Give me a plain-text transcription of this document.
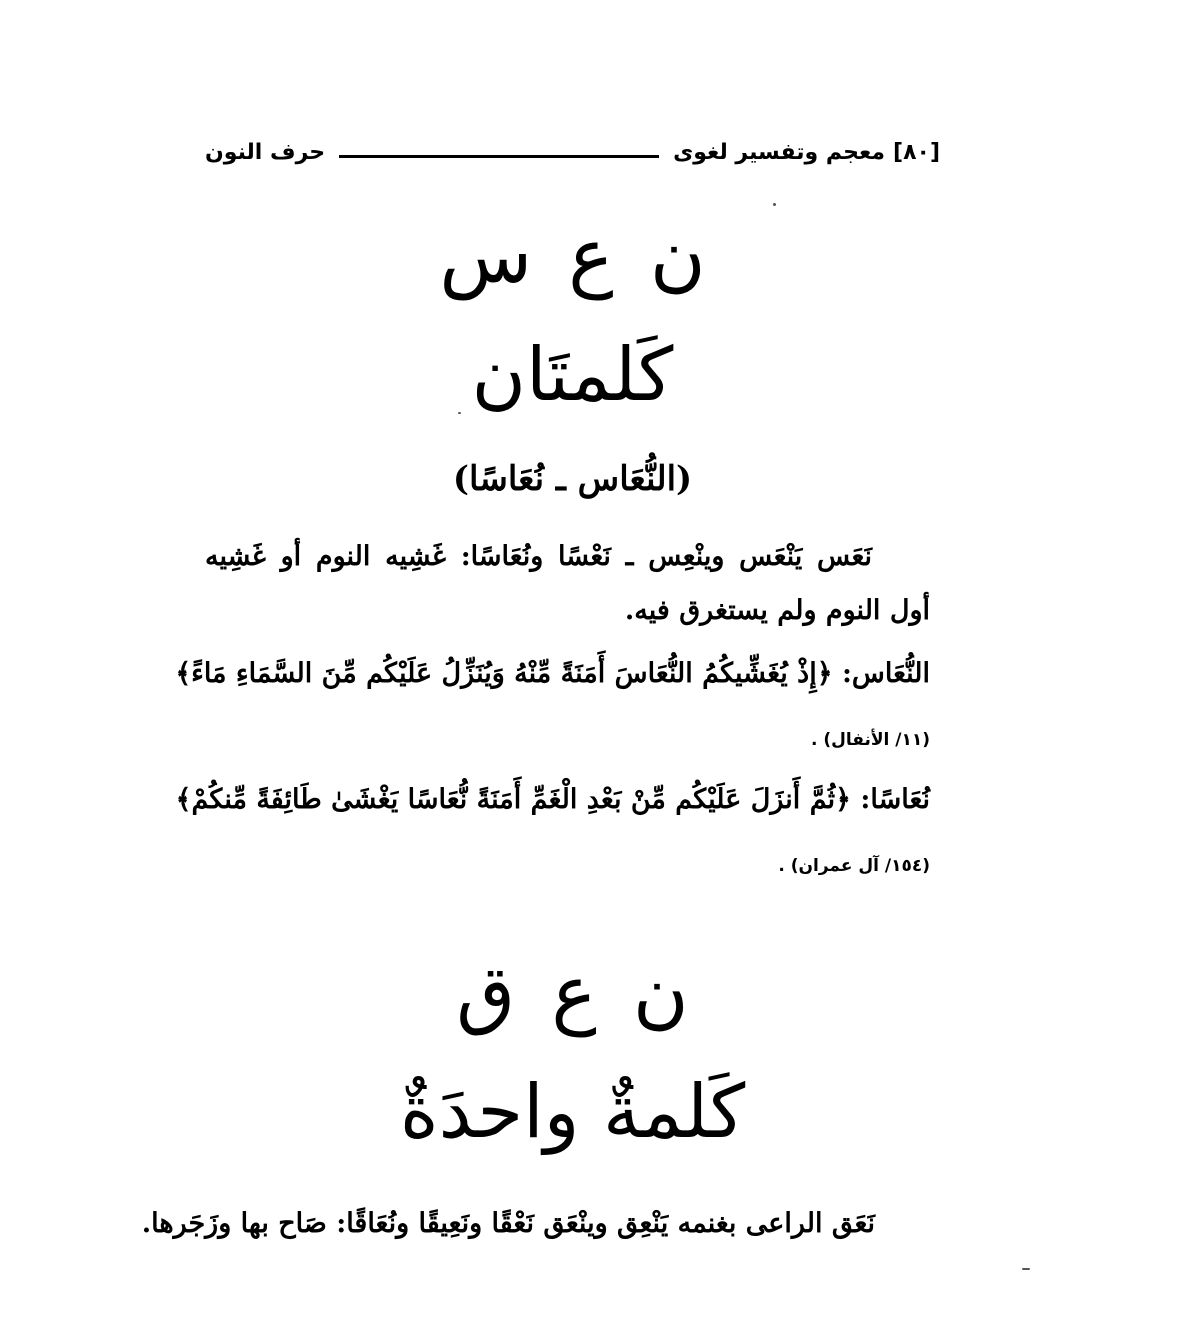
[٨٠]
معجم وتفسير لغوى
حرف النون
ن ع س
كَلمتَان
(النُّعَاس ـ نُعَاسًا)
نَعَس يَنْعَس وينْعِس ـ نَعْسًا ونُعَاسًا: غَشِيه النوم أو غَشِيه أول النوم ولم يستغرق فيه.
النُّعَاس: ﴿إِذْ يُغَشِّيكُمُ النُّعَاسَ أَمَنَةً مِّنْهُ وَيُنَزِّلُ عَلَيْكُم مِّنَ السَّمَاءِ مَاءً﴾
(١١/ الأنفال) .
نُعَاسًا: ﴿ثُمَّ أَنزَلَ عَلَيْكُم مِّنْ بَعْدِ الْغَمِّ أَمَنَةً نُّعَاسًا يَغْشَىٰ طَائِفَةً مِّنكُمْ﴾
(١٥٤/ آل عمران) .
ن ع ق
كَلمةٌ واحدَةٌ
نَعَق الراعى بغنمه يَنْعِق وينْعَق نَعْقًا ونَعِيقًا ونُعَاقًا: صَاح بها وزَجَرها.
